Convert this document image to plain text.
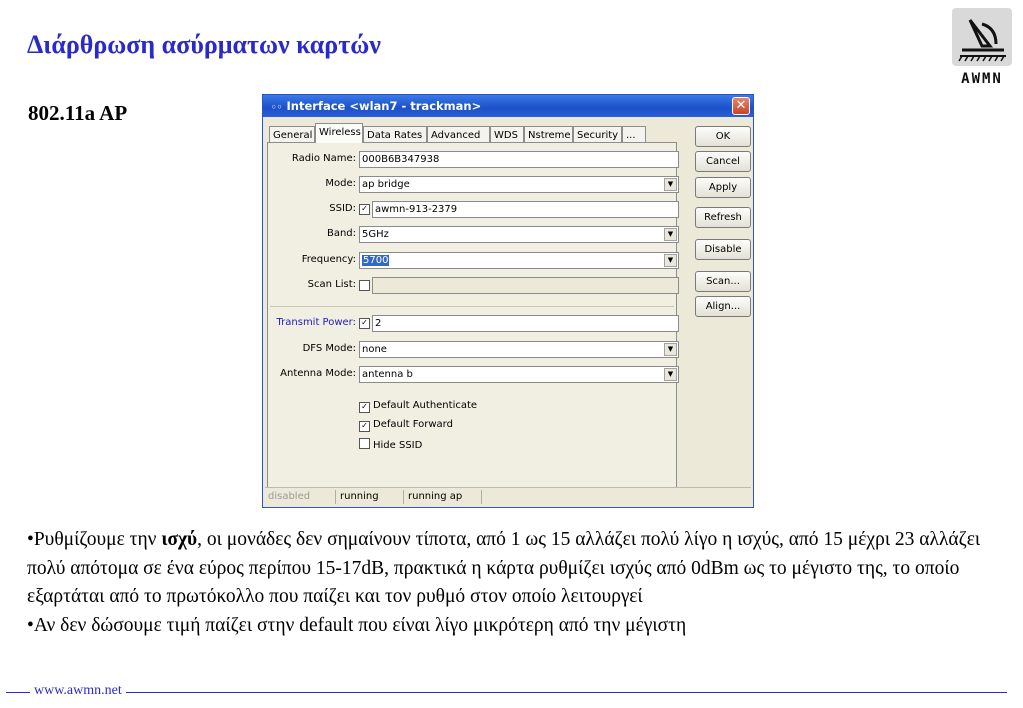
Διάρθρωση ασύρματων καρτών
802.11a AP
AWMN
◦◦ Interface <wlan7 - trackman>	✕
General Wireless Data Rates Advanced	WDS	Nstreme Security ...
Radio Name: 000B6B347938
Mode: ap bridge	▼
SSID: ✓ awmn-913-2379
Band: 5GHz	▼
Frequency: 5700	▼
Scan List:
Transmit Power: ✓ 2
DFS Mode: none	▼
Antenna Mode: antenna b	▼
✓ Default Authenticate
✓ Default Forward
Hide SSID
OK
Cancel
Apply
Refresh
Disable
Scan...
Align...
disabled	running	running ap

•Ρυθμίζουμε την ισχύ, οι μονάδες δεν σημαίνουν τίποτα, από 1 ως 15 αλλάζει πολύ λίγο η ισχύς, από 15 μέχρι 23 αλλάζει πολύ απότομα σε ένα εύρος περίπου 15-17dB, πρακτικά η κάρτα ρυθμίζει ισχύς από 0dBm ως το μέγιστο της, το οποίο εξαρτάται από το πρωτόκολλο που παίζει και τον ρυθμό στον οποίο λειτουργεί

•Αν δεν δώσουμε τιμή παίζει στην default που είναι λίγο μικρότερη από την μέγιστη

www.awmn.net
